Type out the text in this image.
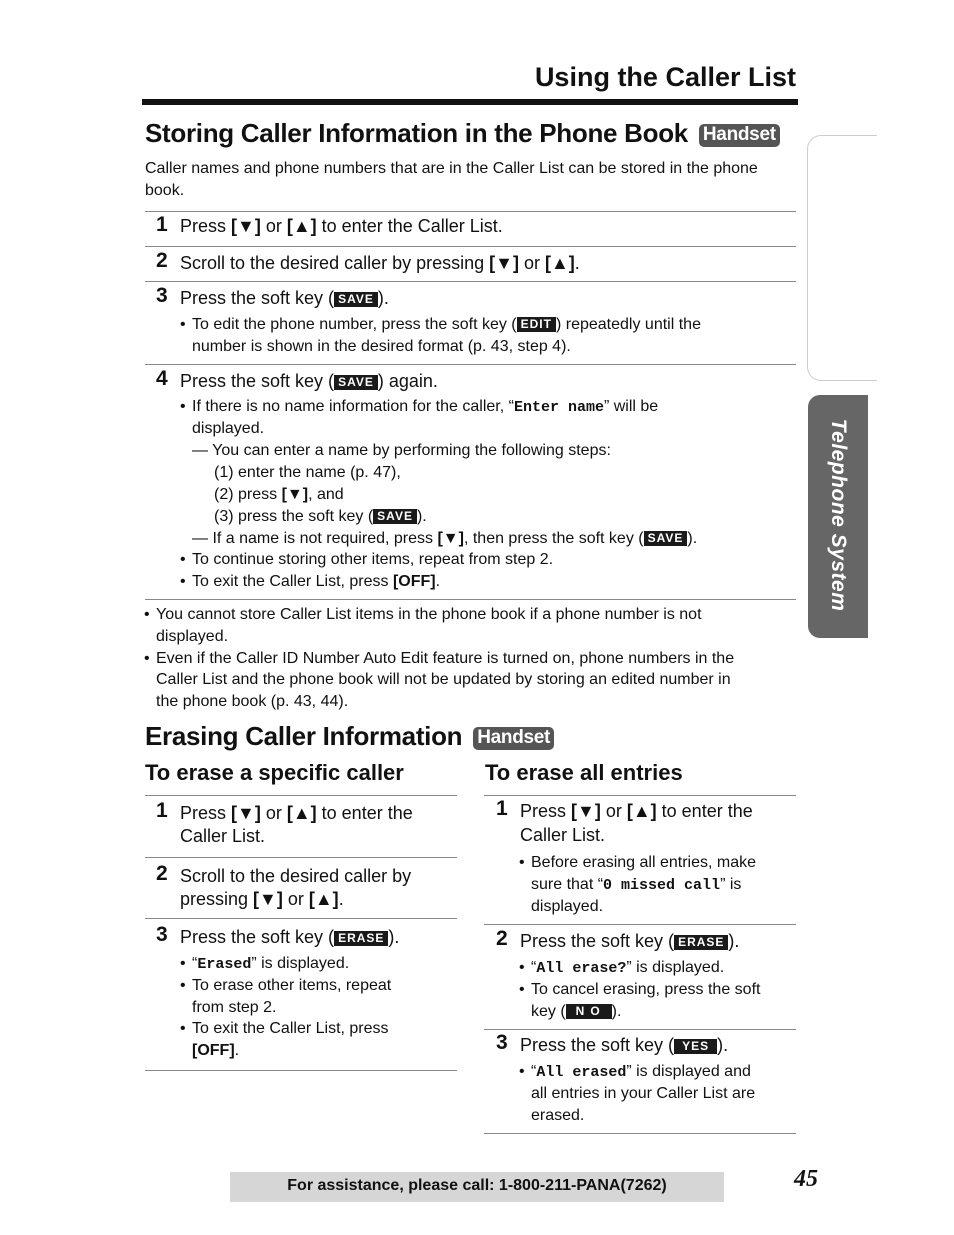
Using the Caller List
Telephone System
Storing Caller Information in the Phone Book Handset
Caller names and phone numbers that are in the Caller List can be stored in the phone book.
1 Press [▼] or [▲] to enter the Caller List.
2 Scroll to the desired caller by pressing [▼] or [▲].
3 Press the soft key ( SAVE ).
• To edit the phone number, press the soft key ( EDIT ) repeatedly until the
number is shown in the desired format (p. 43, step 4).
4 Press the soft key ( SAVE ) again.
• If there is no name information for the caller, “Enter name” will be
displayed.
— You can enter a name by performing the following steps:
(1) enter the name (p. 47),
(2) press [▼], and
(3) press the soft key ( SAVE ).
— If a name is not required, press [▼], then press the soft key ( SAVE ).
• To continue storing other items, repeat from step 2.
• To exit the Caller List, press [OFF].
• You cannot store Caller List items in the phone book if a phone number is not
displayed.
• Even if the Caller ID Number Auto Edit feature is turned on, phone numbers in the
Caller List and the phone book will not be updated by storing an edited number in
the phone book (p. 43, 44).
Erasing Caller Information Handset
To erase a specific caller
1 Press [▼] or [▲] to enter the
Caller List.
2 Scroll to the desired caller by
pressing [▼] or [▲].
3 Press the soft key ( ERASE ).
• “Erased” is displayed.
• To erase other items, repeat
from step 2.
• To exit the Caller List, press
[OFF].
To erase all entries
1 Press [▼] or [▲] to enter the
Caller List.
• Before erasing all entries, make
sure that “0 missed call” is
displayed.
2 Press the soft key ( ERASE ).
• “All erase?” is displayed.
• To cancel erasing, press the soft
key ( NO ).
3 Press the soft key ( YES ).
• “All erased” is displayed and
all entries in your Caller List are
erased.
For assistance, please call: 1-800-211-PANA(7262)	45
